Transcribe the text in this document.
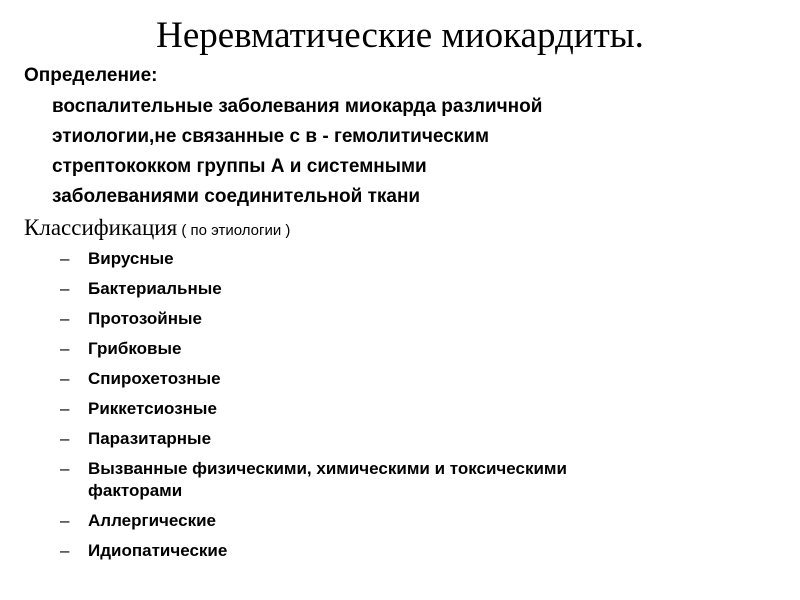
Неревматические миокардиты.
Определение:
воспалительные заболевания миокарда различной
этиологии,не связанные с в - гемолитическим
стрептококком группы А и системными
заболеваниями соединительной ткани
Классификация ( по этиологии )
– Вирусные
– Бактериальные
– Протозойные
– Грибковые
– Спирохетозные
– Риккетсиозные
– Паразитарные
– Вызванные физическими, химическими и токсическими
факторами
– Аллергические
– Идиопатические
